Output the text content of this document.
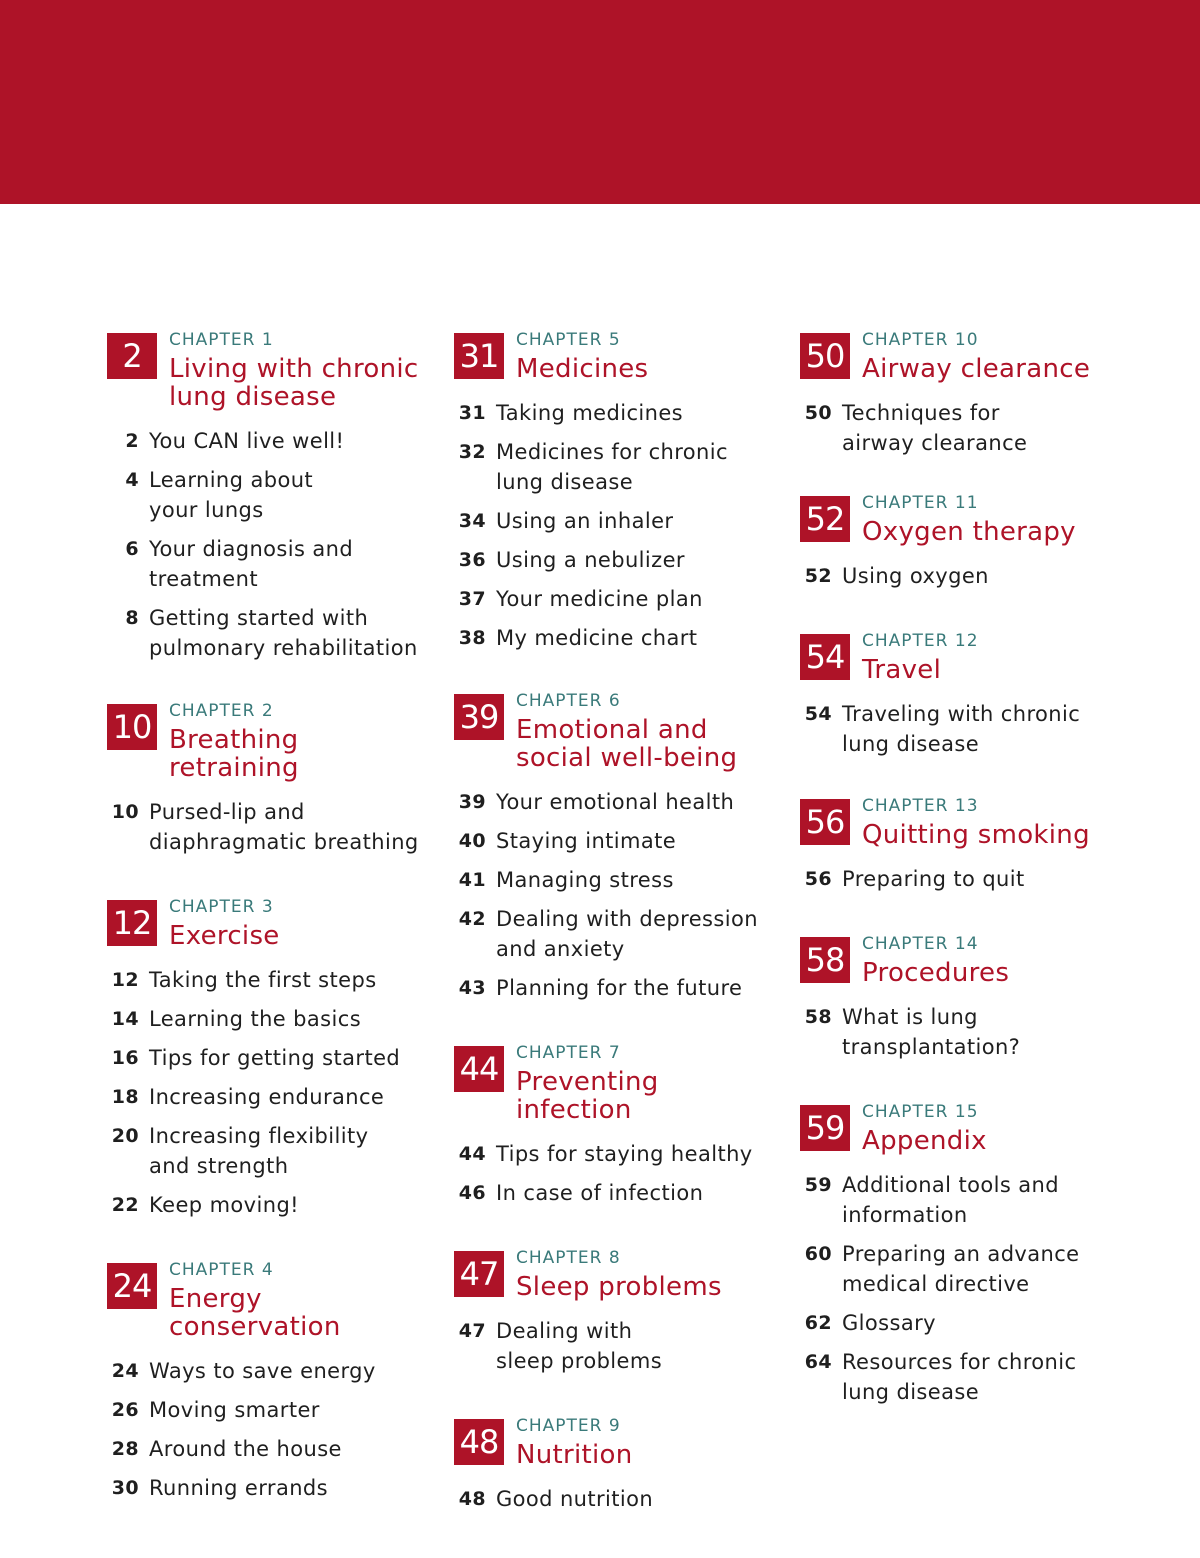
2	CHAPTER 1
Living with chronic
lung disease
2 You CAN live well!
4 Learning about
your lungs
6 Your diagnosis and
treatment
8 Getting started with
pulmonary rehabilitation
10	CHAPTER 2
Breathing
retraining
10 Pursed-lip and
diaphragmatic breathing
12	CHAPTER 3
Exercise
12 Taking the first steps
14 Learning the basics
16 Tips for getting started
18 Increasing endurance
20 Increasing flexibility
and strength
22 Keep moving!
24	CHAPTER 4
Energy
conservation
24 Ways to save energy
26 Moving smarter
28 Around the house
30 Running errands
31	CHAPTER 5
Medicines
31 Taking medicines
32 Medicines for chronic
lung disease
34 Using an inhaler
36 Using a nebulizer
37 Your medicine plan
38 My medicine chart
39	CHAPTER 6
Emotional and
social well-being
39 Your emotional health
40 Staying intimate
41 Managing stress
42 Dealing with depression
and anxiety
43 Planning for the future
44	CHAPTER 7
Preventing
infection
44 Tips for staying healthy
46 In case of infection
47	CHAPTER 8
Sleep problems
47 Dealing with
sleep problems
48	CHAPTER 9
Nutrition
48 Good nutrition
50	CHAPTER 10
Airway clearance
50 Techniques for
airway clearance
52	CHAPTER 11
Oxygen therapy
52 Using oxygen
54	CHAPTER 12
Travel
54 Traveling with chronic
lung disease
56	CHAPTER 13
Quitting smoking
56 Preparing to quit
58	CHAPTER 14
Procedures
58 What is lung
transplantation?
59	CHAPTER 15
Appendix
59 Additional tools and
information
60 Preparing an advance
medical directive
62 Glossary
64 Resources for chronic
lung disease
